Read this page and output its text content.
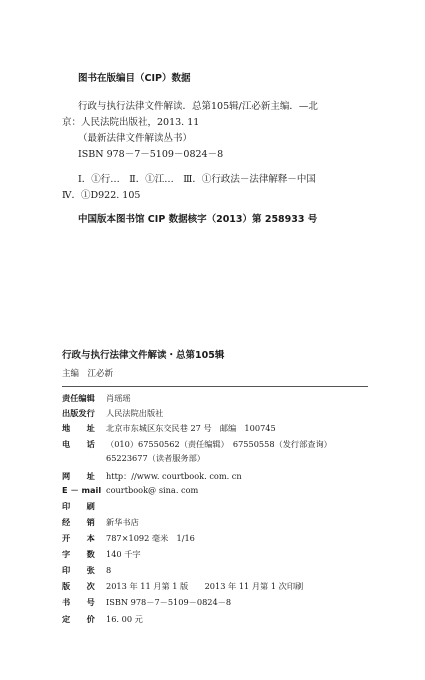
图书在版编目（CIP）数据
行政与执行法律文件解读．总第105辑/江必新主编．—北
京：人民法院出版社，2013. 11
（最新法律文件解读丛书）
ISBN 978－7－5109－0824－8
Ⅰ．①行…　Ⅱ．①江…　Ⅲ．①行政法－法律解释－中国
Ⅳ．①D922. 105
中国版本图书馆 CIP 数据核字（2013）第 258933 号
行政与执行法律文件解读・总第105辑
主编　江必新
责任编辑	肖瑶瑶
出版发行	人民法院出版社
地　　址	北京市东城区东交民巷 27 号　邮编　100745
电　　话	（010）67550562（责任编辑）　67550558（发行部查询）
65223677（读者服务部）
网　　址	http：//www. courtbook. com. cn
E － mail courtbook@ sina. com
印　　刷
经　　销	新华书店
开　　本	787×1092 毫米　1/16
字　　数	140 千字
印　　张	8
版　　次	2013 年 11 月第 1 版　　2013 年 11 月第 1 次印刷
书　　号	ISBN 978－7－5109－0824－8
定　　价	16. 00 元
